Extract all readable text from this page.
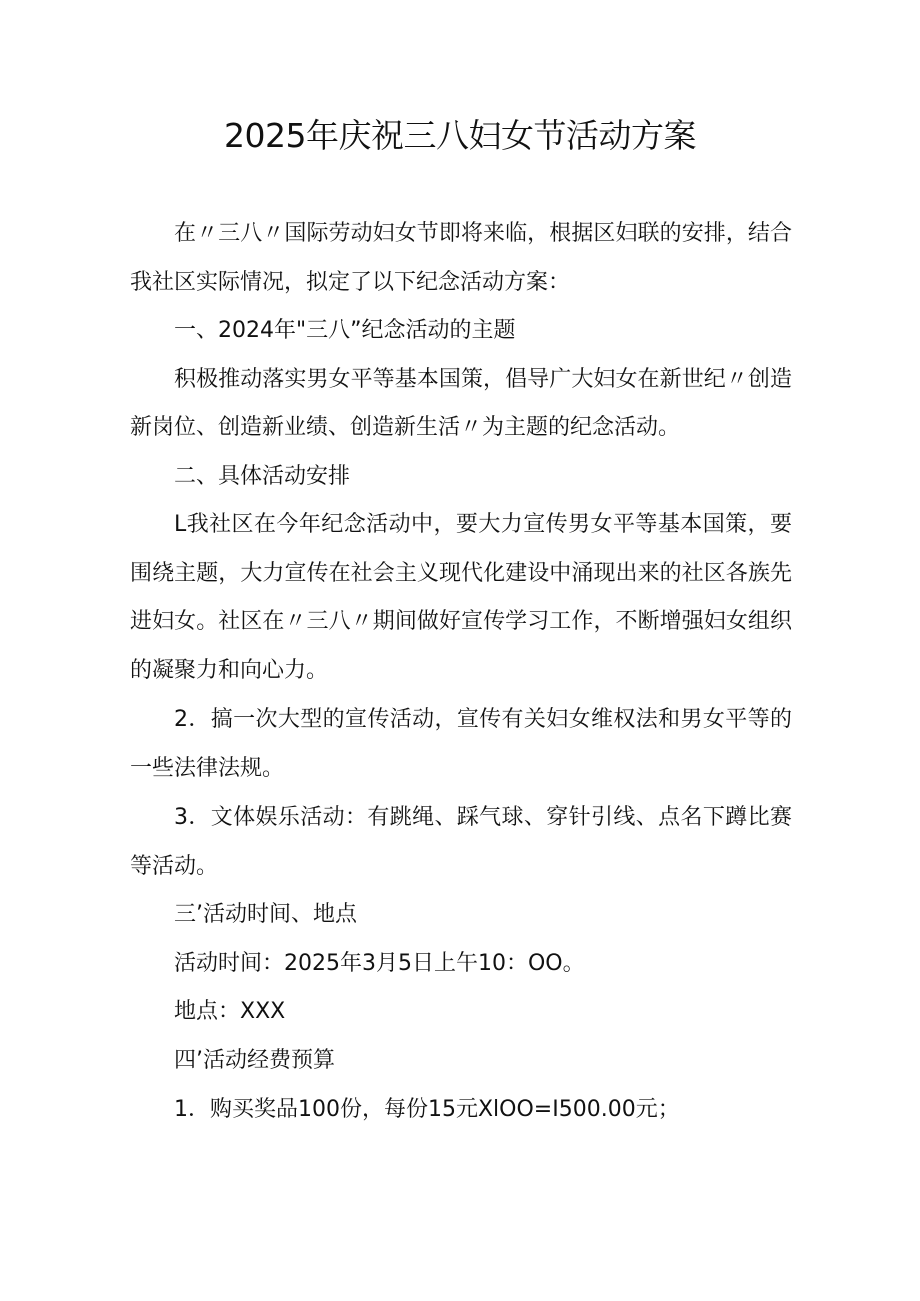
2025年庆祝三八妇女节活动方案

在〃三八〃国际劳动妇女节即将来临，根据区妇联的安排，结合我社区实际情况，拟定了以下纪念活动方案：

一、2024年"三八”纪念活动的主题

积极推动落实男女平等基本国策，倡导广大妇女在新世纪〃创造新岗位、创造新业绩、创造新生活〃为主题的纪念活动。

二、具体活动安排

L我社区在今年纪念活动中，要大力宣传男女平等基本国策，要围绕主题，大力宣传在社会主义现代化建设中涌现出来的社区各族先进妇女。社区在〃三八〃期间做好宣传学习工作，不断增强妇女组织的凝聚力和向心力。

2．搞一次大型的宣传活动，宣传有关妇女维权法和男女平等的一些法律法规。

3．文体娱乐活动：有跳绳、踩气球、穿针引线、点名下蹲比赛等活动。

三’活动时间、地点

活动时间：2025年3月5日上午10：OO。

地点：XXX

四’活动经费预算

1．购买奖品100份，每份15元XlOO=I500.00元；
